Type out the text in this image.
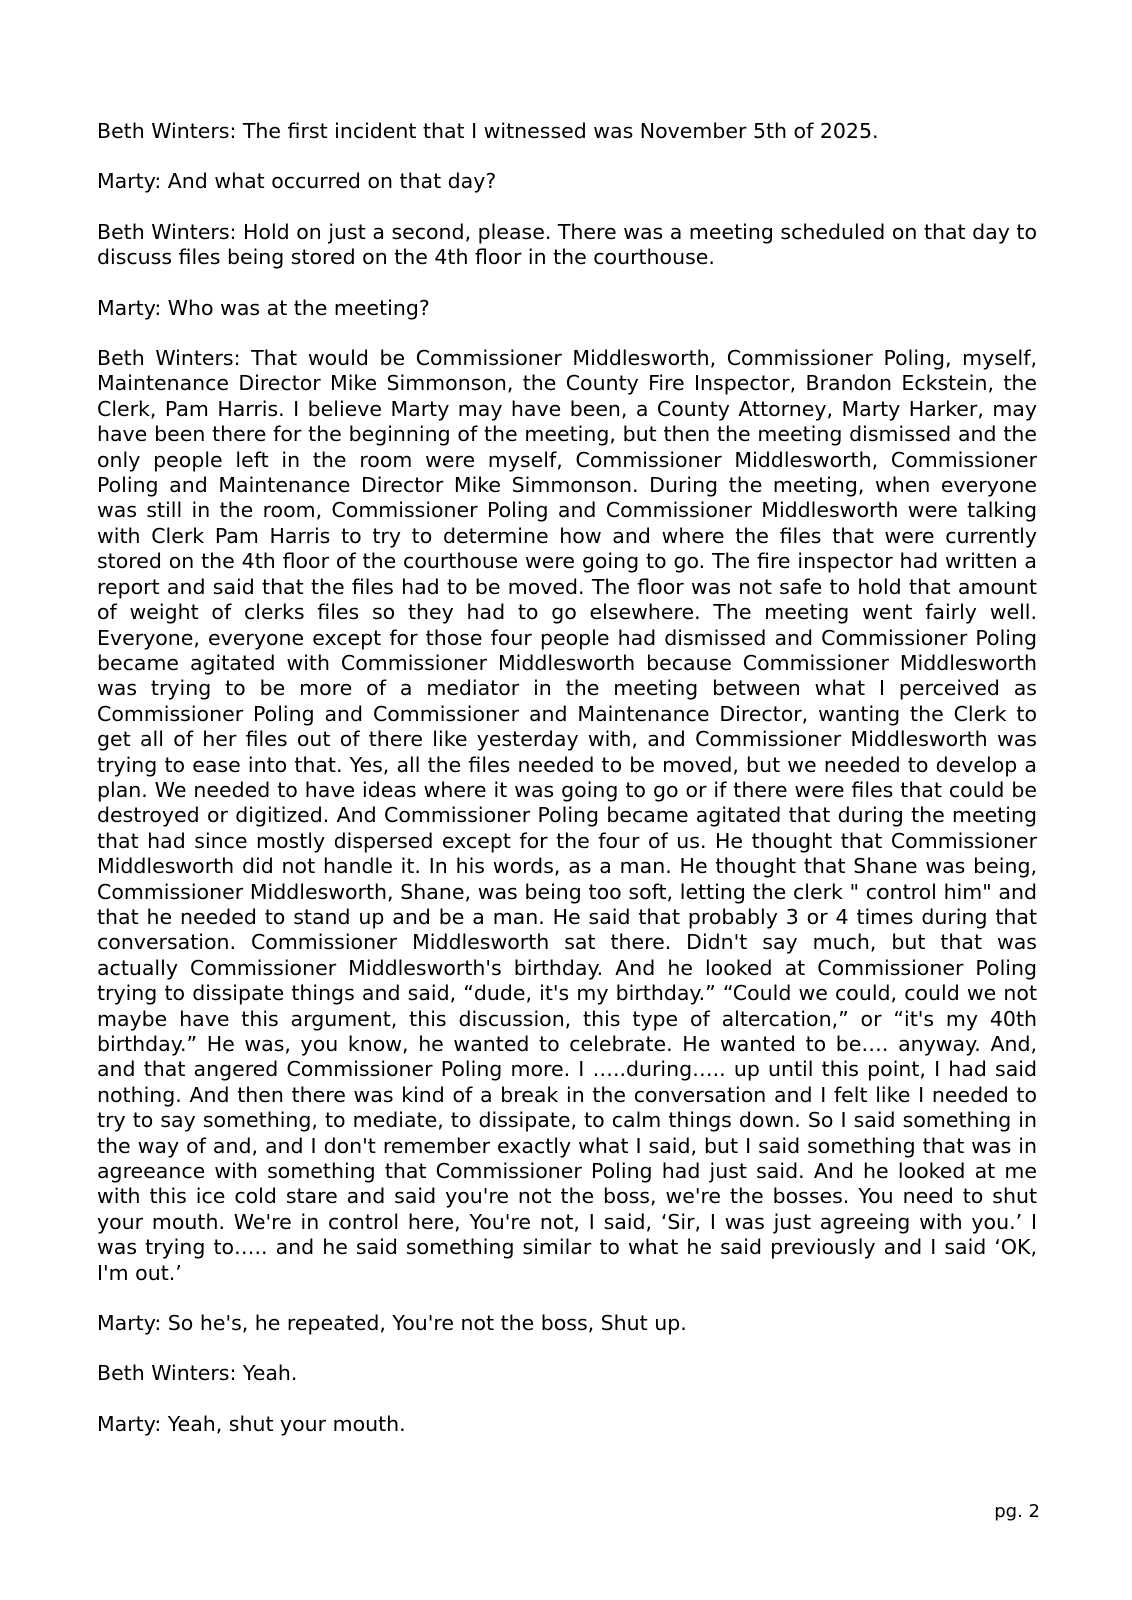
Beth Winters: The first incident that I witnessed was November 5th of 2025.

Marty: And what occurred on that day?

Beth Winters: Hold on just a second, please. There was a meeting scheduled on that day to discuss files being stored on the 4th floor in the courthouse.

Marty: Who was at the meeting?

Beth Winters: That would be Commissioner Middlesworth, Commissioner Poling, myself, Maintenance Director Mike Simmonson, the County Fire Inspector, Brandon Eckstein, the Clerk, Pam Harris. I believe Marty may have been, a County Attorney, Marty Harker, may have been there for the beginning of the meeting, but then the meeting dismissed and the only people left in the room were myself, Commissioner Middlesworth, Commissioner Poling and Maintenance Director Mike Simmonson. During the meeting, when everyone was still in the room, Commissioner Poling and Commissioner Middlesworth were talking with Clerk Pam Harris to try to determine how and where the files that were currently stored on the 4th floor of the courthouse were going to go. The fire inspector had written a report and said that the files had to be moved. The floor was not safe to hold that amount of weight of clerks files so they had to go elsewhere. The meeting went fairly well. Everyone, everyone except for those four people had dismissed and Commissioner Poling became agitated with Commissioner Middlesworth because Commissioner Middlesworth was trying to be more of a mediator in the meeting between what I perceived as Commissioner Poling and Commissioner and Maintenance Director, wanting the Clerk to get all of her files out of there like yesterday with, and Commissioner Middlesworth was trying to ease into that. Yes, all the files needed to be moved, but we needed to develop a plan. We needed to have ideas where it was going to go or if there were files that could be destroyed or digitized. And Commissioner Poling became agitated that during the meeting that had since mostly dispersed except for the four of us. He thought that Commissioner Middlesworth did not handle it. In his words, as a man. He thought that Shane was being, Commissioner Middlesworth, Shane, was being too soft, letting the clerk " control him" and that he needed to stand up and be a man. He said that probably 3 or 4 times during that conversation. Commissioner Middlesworth sat there. Didn't say much, but that was actually Commissioner Middlesworth's birthday. And he looked at Commissioner Poling trying to dissipate things and said, “dude, it's my birthday.” “Could we could, could we not maybe have this argument, this discussion, this type of altercation,” or “it's my 40th birthday.” He was, you know, he wanted to celebrate. He wanted to be…. anyway. And, and that angered Commissioner Poling more. I …..during….. up until this point, I had said nothing. And then there was kind of a break in the conversation and I felt like I needed to try to say something, to mediate, to dissipate, to calm things down. So I said something in the way of and, and I don't remember exactly what I said, but I said something that was in agreeance with something that Commissioner Poling had just said. And he looked at me with this ice cold stare and said you're not the boss, we're the bosses. You need to shut your mouth. We're in control here, You're not, I said, ‘Sir, I was just agreeing with you.’ I was trying to….. and he said something similar to what he said previously and I said ‘OK, I'm out.’

Marty: So he's, he repeated, You're not the boss, Shut up.

Beth Winters: Yeah.

Marty: Yeah, shut your mouth.

pg. 2
